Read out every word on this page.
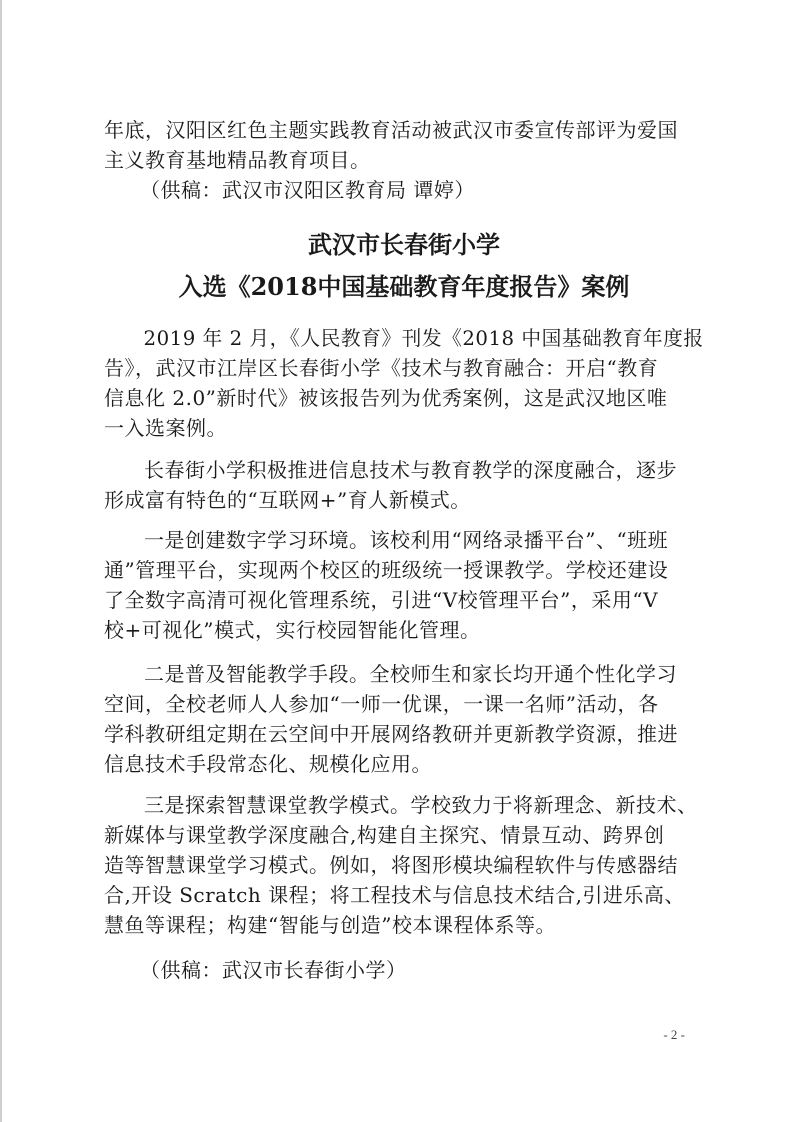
年底，汉阳区红色主题实践教育活动被武汉市委宣传部评为爱国
主义教育基地精品教育项目。
（供稿：武汉市汉阳区教育局 谭婷）
武汉市长春街小学
入选《2018中国基础教育年度报告》案例
2019 年 2 月，《人民教育》刊发《2018 中国基础教育年度报
告》，武汉市江岸区长春街小学《技术与教育融合：开启“教育
信息化 2.0”新时代》被该报告列为优秀案例，这是武汉地区唯
一入选案例。
长春街小学积极推进信息技术与教育教学的深度融合，逐步
形成富有特色的“互联网+”育人新模式。
一是创建数字学习环境。该校利用“网络录播平台”、“班班
通”管理平台，实现两个校区的班级统一授课教学。学校还建设
了全数字高清可视化管理系统，引进“V校管理平台”，采用“V
校+可视化”模式，实行校园智能化管理。
二是普及智能教学手段。全校师生和家长均开通个性化学习
空间，全校老师人人参加“一师一优课，一课一名师”活动，各
学科教研组定期在云空间中开展网络教研并更新教学资源，推进
信息技术手段常态化、规模化应用。
三是探索智慧课堂教学模式。学校致力于将新理念、新技术、
新媒体与课堂教学深度融合,构建自主探究、情景互动、跨界创
造等智慧课堂学习模式。例如，将图形模块编程软件与传感器结
合,开设 Scratch 课程；将工程技术与信息技术结合,引进乐高、
慧鱼等课程；构建“智能与创造”校本课程体系等。
（供稿：武汉市长春街小学）
- 2 -
